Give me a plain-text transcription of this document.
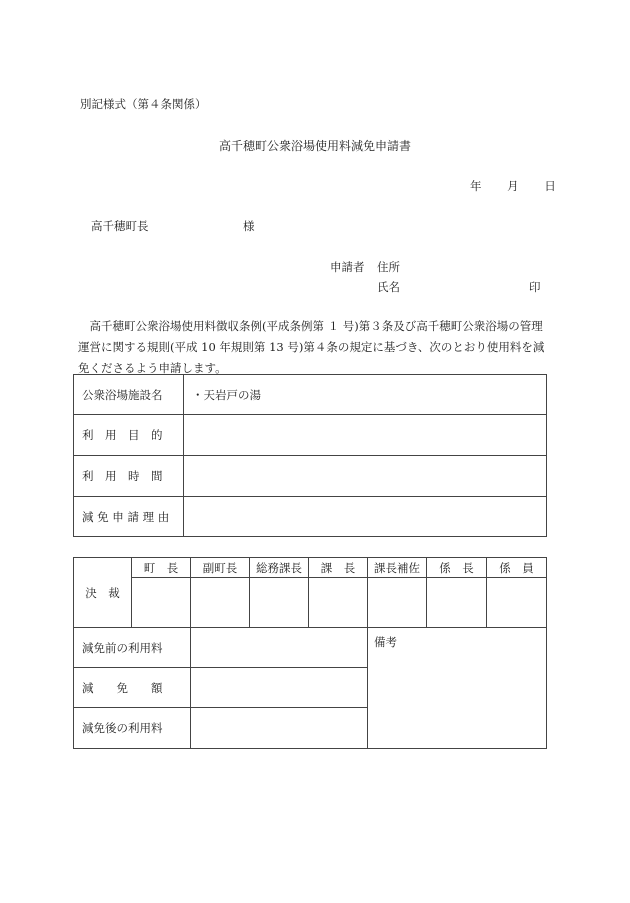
別記様式（第４条関係）
高千穂町公衆浴場使用料減免申請書
年 月 日
高千穂町長	様
申請者 住所
氏名	印
　高千穂町公衆浴場使用料徴収条例(平成条例第 １ 号)第３条及び高千穂町公衆浴場の管理
運営に関する規則(平成 10 年規則第 13 号)第４条の規定に基づき、次のとおり使用料を減
免くださるよう申請します。
公衆浴場施設名	・天岩戸の湯
利　用　目　的	
利　用　時　間	
減 免 申 請 理 由	
決　裁	町　長	副町長	総務課長	課　長	課長補佐	係　長	係　員

減免前の利用料					備考		
減　　免　　額							
減免後の利用料							
